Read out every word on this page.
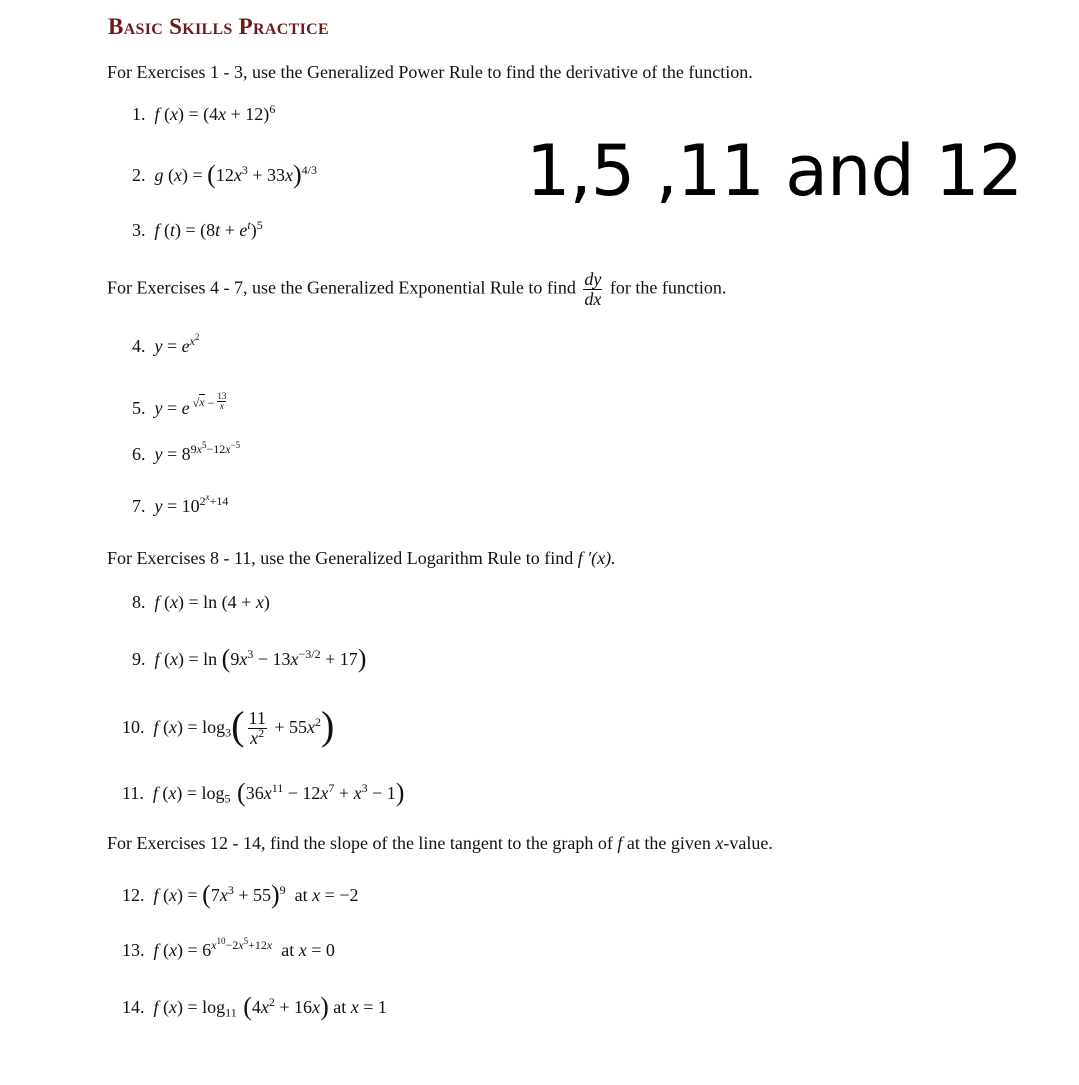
Basic Skills Practice
1,5 ,11 and 12
For Exercises 1 - 3, use the Generalized Power Rule to find the derivative of the function.
1.  f $(x) = (4x + 12)^6$
2.  g $(x) = (12x^3 + 33x)^{4/3}$
3.  f $(t) = (8t + e^t)^5$
For Exercises 4 - 7, use the Generalized Exponential Rule to find $\frac{dy}{dx}$ for the function.
4.  $y = e^{x^2}$
5.  y = e $^{√x -} \frac{13}{x}$
6.  $y = 8^{9x^5-12x^{-5}}$
7.  $y = 10^{2^x+14}$
For Exercises 8 - 11, use the Generalized Logarithm Rule to find f ′(x).
8.  f (x) = ln (4 + x)
9.  f $(x) = \ln (9x^3 - 13x^{-3/2} + 17)$
10.  f $(x) = \log_3( \frac{11}{x^2} + 55x^2)$
11.  f $(x) = \log_5 (36x^{11} - 12x^7 + x^3 - 1)$
For Exercises 12 - 14, find the slope of the line tangent to the graph of f at the given x-value.
12.  f $(x) = (7x^3 + 55)^9$  at x = −2
13.  f $(x) = 6^{x^{10}-2x^5+12x}$  at x = 0
14.  f $(x) = \log_{11} (4x^2 + 16x)$ at x = 1
